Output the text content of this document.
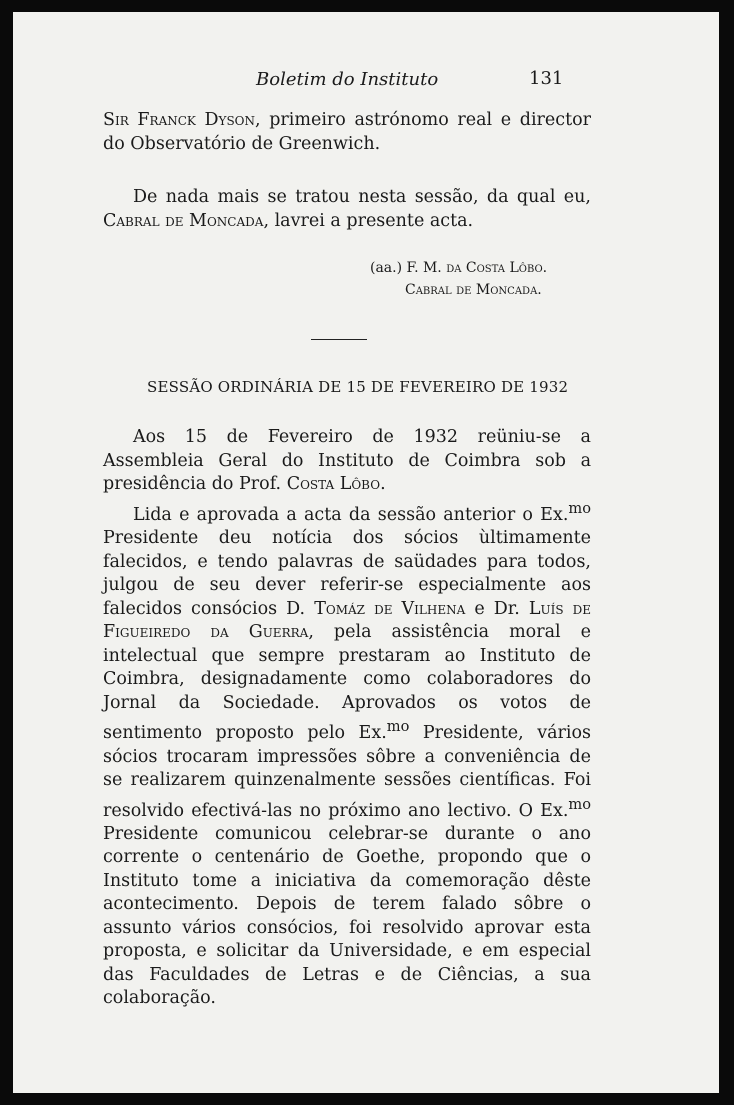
Boletim do Instituto	131

Sir Franck Dyson, primeiro astrónomo real e director do Observatório de Greenwich.

De nada mais se tratou nesta sessão, da qual eu, Cabral de Moncada, lavrei a presente acta.

(aa.) F. M. da Costa Lôbo.
Cabral de Moncada.
SESSÃO ORDINÁRIA DE 15 DE FEVEREIRO DE 1932

Aos 15 de Fevereiro de 1932 reüniu-se a Assembleia Geral do Instituto de Coimbra sob a presidência do Prof. Costa Lôbo.

Lida e aprovada a acta da sessão anterior o Ex.$^{mo}$ Presidente deu notícia dos sócios ùltimamente falecidos, e tendo palavras de saüdades para todos, julgou de seu dever referir-se especialmente aos falecidos consócios D. Tomáz de Vilhena e Dr. Luís de Figueiredo da Guerra, pela assistência moral e intelectual que sempre prestaram ao Instituto de Coimbra, designadamente como colaboradores do Jornal da Sociedade. Aprovados os votos de sentimento proposto pelo Ex.$^{mo}$ Presidente, vários sócios trocaram impressões sôbre a conveniência de se realizarem quinzenalmente sessões científicas. Foi resolvido efectivá-las no próximo ano lectivo. O Ex.$^{mo}$ Presidente comunicou celebrar-se durante o ano corrente o centenário de Goethe, propondo que o Instituto tome a iniciativa da comemoração dêste acontecimento. Depois de terem falado sôbre o assunto vários consócios, foi resolvido aprovar esta proposta, e solicitar da Universidade, e em especial das Faculdades de Letras e de Ciências, a sua colaboração.
